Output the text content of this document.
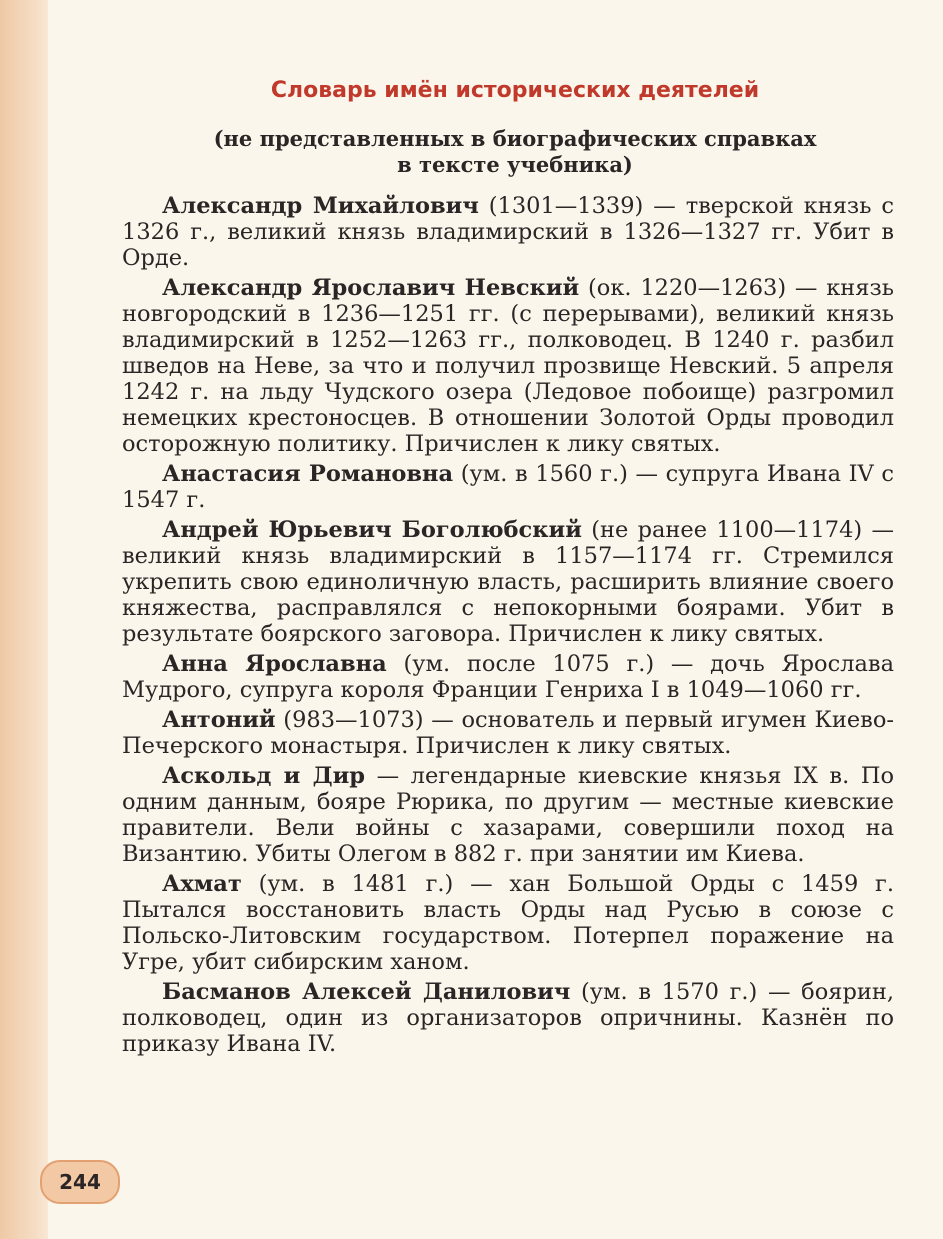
Словарь имён исторических деятелей
(не представленных в биографических справках
в тексте учебника)

Александр Михайлович (1301—1339) — тверской князь с 1326 г., великий князь владимирский в 1326—1327 гг. Убит в Орде.

Александр Ярославич Невский (ок. 1220—1263) — князь новгородский в 1236—1251 гг. (с перерывами), великий князь владимирский в 1252—1263 гг., полководец. В 1240 г. разбил шведов на Неве, за что и получил прозвище Невский. 5 апреля 1242 г. на льду Чудского озера (Ледовое побоище) разгромил немецких крестоносцев. В отношении Золотой Орды проводил осторожную политику. Причислен к лику святых.

Анастасия Романовна (ум. в 1560 г.) — супруга Ивана IV с 1547 г.

Андрей Юрьевич Боголюбский (не ранее 1100—1174) — великий князь владимирский в 1157—1174 гг. Стремился укрепить свою единоличную власть, расширить влияние своего княжества, расправлялся с непокорными боярами. Убит в результате боярского заговора. Причислен к лику святых.

Анна Ярославна (ум. после 1075 г.) — дочь Ярослава Мудрого, супруга короля Франции Генриха I в 1049—1060 гг.

Антоний (983—1073) — основатель и первый игумен Киево-Печерского монастыря. Причислен к лику святых.

Аскольд и Дир — легендарные киевские князья IX в. По одним данным, бояре Рюрика, по другим — местные киевские правители. Вели войны с хазарами, совершили поход на Византию. Убиты Олегом в 882 г. при занятии им Киева.

Ахмат (ум. в 1481 г.) — хан Большой Орды с 1459 г. Пытался восстановить власть Орды над Русью в союзе с Польско-Литовским государством. Потерпел поражение на Угре, убит сибирским ханом.

Басманов Алексей Данилович (ум. в 1570 г.) — боярин, полководец, один из организаторов опричнины. Казнён по приказу Ивана IV.

244
